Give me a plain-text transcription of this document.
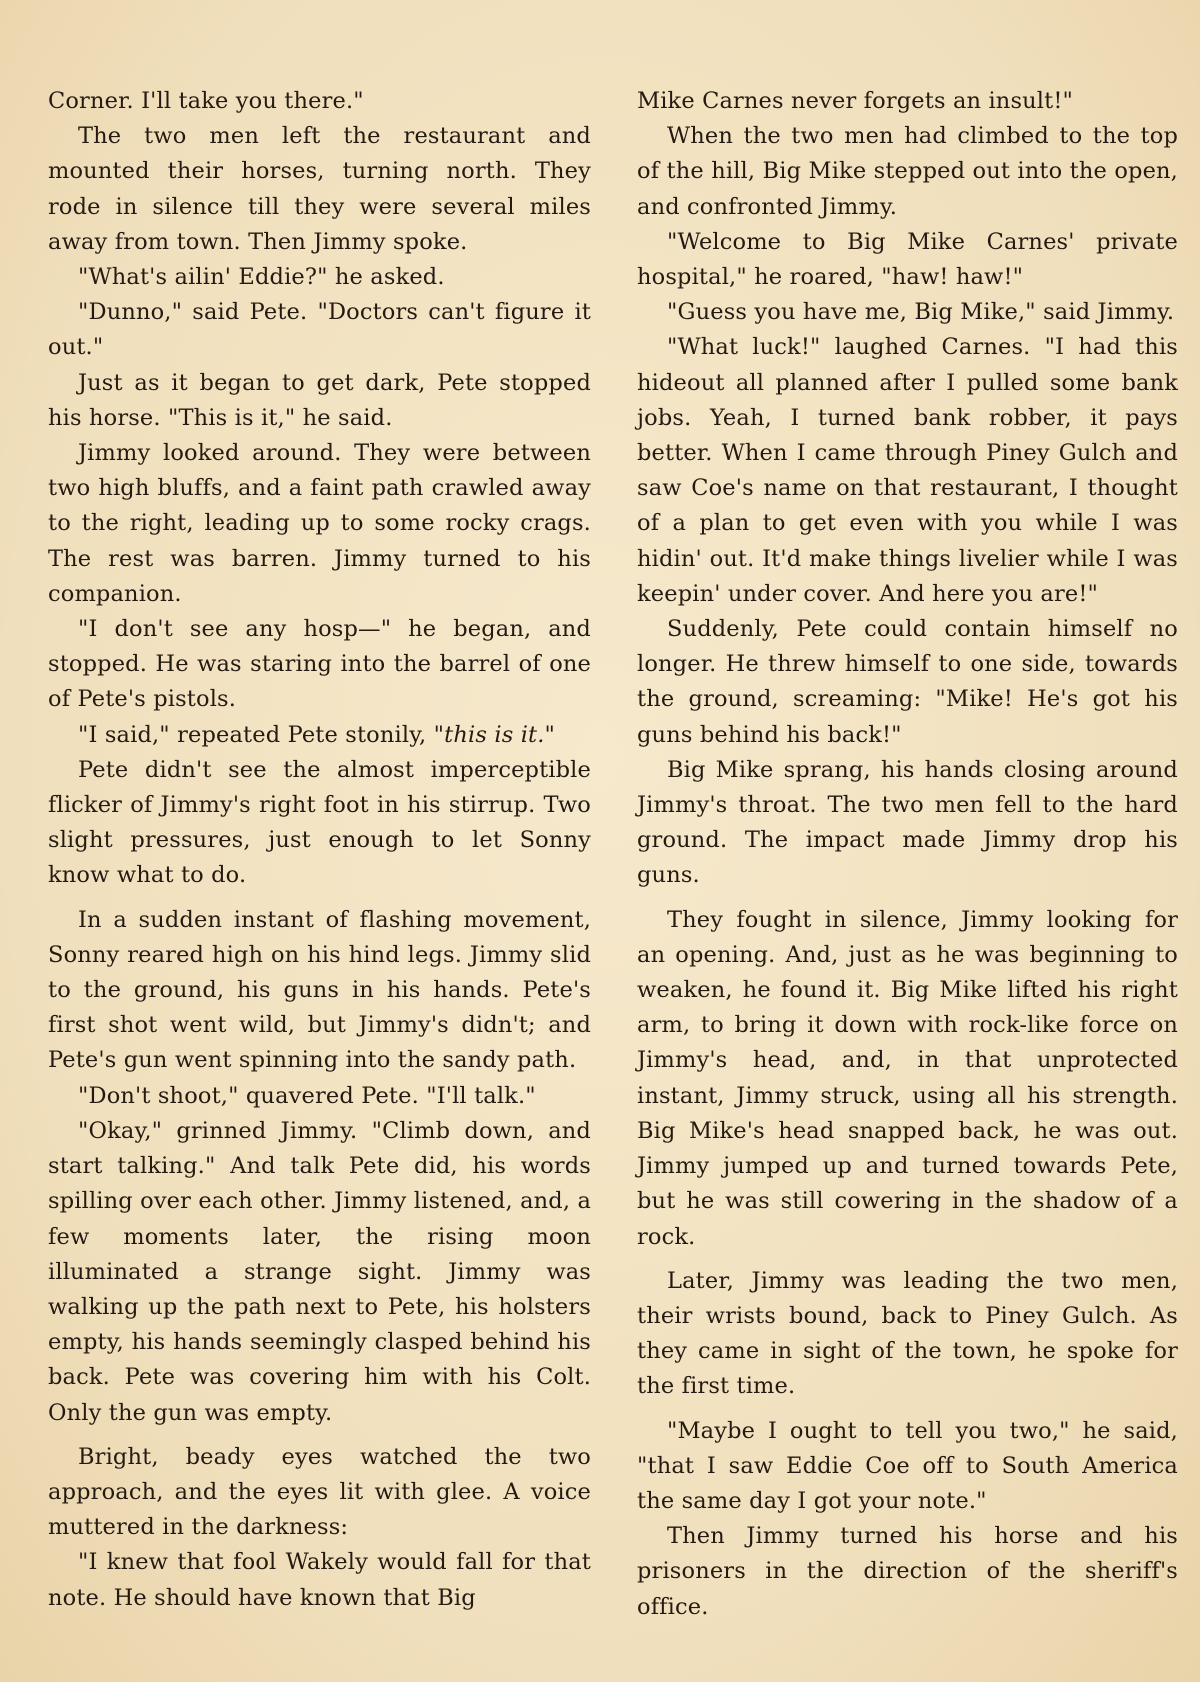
Corner. I'll take you there."

The two men left the restaurant and mounted their horses, turning north. They rode in silence till they were several miles away from town. Then Jimmy spoke.

"What's ailin' Eddie?" he asked.

"Dunno," said Pete. "Doctors can't figure it out."

Just as it began to get dark, Pete stopped his horse. "This is it," he said.

Jimmy looked around. They were between two high bluffs, and a faint path crawled away to the right, leading up to some rocky crags. The rest was barren. Jimmy turned to his companion.

"I don't see any hosp—" he began, and stopped. He was staring into the barrel of one of Pete's pistols.

"I said," repeated Pete stonily, "this is it."

Pete didn't see the almost imperceptible flicker of Jimmy's right foot in his stirrup. Two slight pressures, just enough to let Sonny know what to do.

In a sudden instant of flashing movement, Sonny reared high on his hind legs. Jimmy slid to the ground, his guns in his hands. Pete's first shot went wild, but Jimmy's didn't; and Pete's gun went spinning into the sandy path.

"Don't shoot," quavered Pete. "I'll talk."

"Okay," grinned Jimmy. "Climb down, and start talking." And talk Pete did, his words spilling over each other. Jimmy listened, and, a few moments later, the rising moon illuminated a strange sight. Jimmy was walking up the path next to Pete, his holsters empty, his hands seemingly clasped behind his back. Pete was covering him with his Colt. Only the gun was empty.

Bright, beady eyes watched the two approach, and the eyes lit with glee. A voice muttered in the darkness:

"I knew that fool Wakely would fall for that note. He should have known that Big

Mike Carnes never forgets an insult!"

When the two men had climbed to the top of the hill, Big Mike stepped out into the open, and confronted Jimmy.

"Welcome to Big Mike Carnes' private hospital," he roared, "haw! haw!"

"Guess you have me, Big Mike," said Jimmy.

"What luck!" laughed Carnes. "I had this hideout all planned after I pulled some bank jobs. Yeah, I turned bank robber, it pays better. When I came through Piney Gulch and saw Coe's name on that restaurant, I thought of a plan to get even with you while I was hidin' out. It'd make things livelier while I was keepin' under cover. And here you are!"

Suddenly, Pete could contain himself no longer. He threw himself to one side, towards the ground, screaming: "Mike! He's got his guns behind his back!"

Big Mike sprang, his hands closing around Jimmy's throat. The two men fell to the hard ground. The impact made Jimmy drop his guns.

They fought in silence, Jimmy looking for an opening. And, just as he was beginning to weaken, he found it. Big Mike lifted his right arm, to bring it down with rock-like force on Jimmy's head, and, in that unprotected instant, Jimmy struck, using all his strength. Big Mike's head snapped back, he was out. Jimmy jumped up and turned towards Pete, but he was still cowering in the shadow of a rock.

Later, Jimmy was leading the two men, their wrists bound, back to Piney Gulch. As they came in sight of the town, he spoke for the first time.

"Maybe I ought to tell you two," he said, "that I saw Eddie Coe off to South America the same day I got your note."

Then Jimmy turned his horse and his prisoners in the direction of the sheriff's office.
